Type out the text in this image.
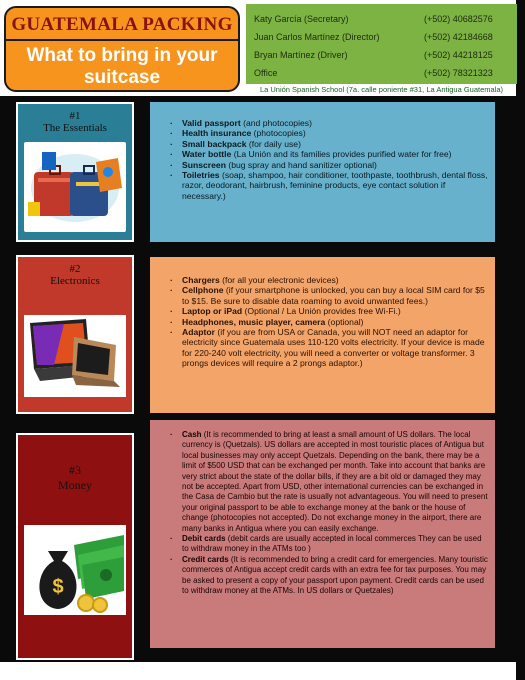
GUATEMALA PACKING
What to bring in your suitcase
Katy García (Secretary)	(+502) 40682576
Juan Carlos Martínez (Director)	(+502) 42184668
Bryan Martínez (Driver)	(+502) 44218125
Office	(+502) 78321323
La Unión Spanish School (7a. calle poniente #31, La Antigua Guatemala)
#1
The Essentials	· Valid passport (and photocopies)
· Health insurance (photocopies)
· Small backpack (for daily use)
· Water bottle (La Unión and its families provides purified water for free)
· Sunscreen (bug spray and hand sanitizer optional)
· Toiletries (soap, shampoo, hair conditioner, toothpaste, toothbrush, dental floss, razor, deodorant, hairbrush, feminine products, eye contact solution if necessary.)
#2
Electronics	· Chargers (for all your electronic devices)
· Cellphone (if your smartphone is unlocked, you can buy a local SIM card for $5 to $15. Be sure to disable data roaming to avoid unwanted fees.)
· Laptop or iPad (Optional / La Unión provides free Wi-Fi.)
· Headphones, music player, camera (optional)
· Adaptor (if you are from USA or Canada, you will NOT need an adaptor for electricity since Guatemala uses 110-120 volts electricity. If your device is made for 220-240 volt electricity, you will need a converter or voltage transformer. 3 prongs devices will require a 2 prongs adaptor.)
#3
Money
$
· Cash (It is recommended to bring at least a small amount of US dollars. The local currency is (Quetzals). US dollars are accepted in most touristic places of Antigua but local businesses may only accept Quetzals. Depending on the bank, there may be a limit of $500 USD that can be exchanged per month. Take into account that banks are very strict about the state of the dollar bills, if they are a bit old or damaged they may not be accepted. Apart from USD, other international currencies can be exchanged in the Casa de Cambio but the rate is usually not advantageous. You will need to present your original passport to be able to exchange money at the bank or the house of change (photocopies not accepted). Do not exchange money in the airport, there are many banks in Antigua where you can easily exchange.
· Debit cards (debit cards are usually accepted in local commerces They can be used to withdraw money in the ATMs too )
· Credit cards (It is recommended to bring a credit card for emergencies. Many touristic commerces of Antigua accept credit cards with an extra fee for tax purposes. You may be asked to present a copy of your passport upon payment. Credit cards can be used to withdraw money at the ATMs. In US dollars or Quetzales)
